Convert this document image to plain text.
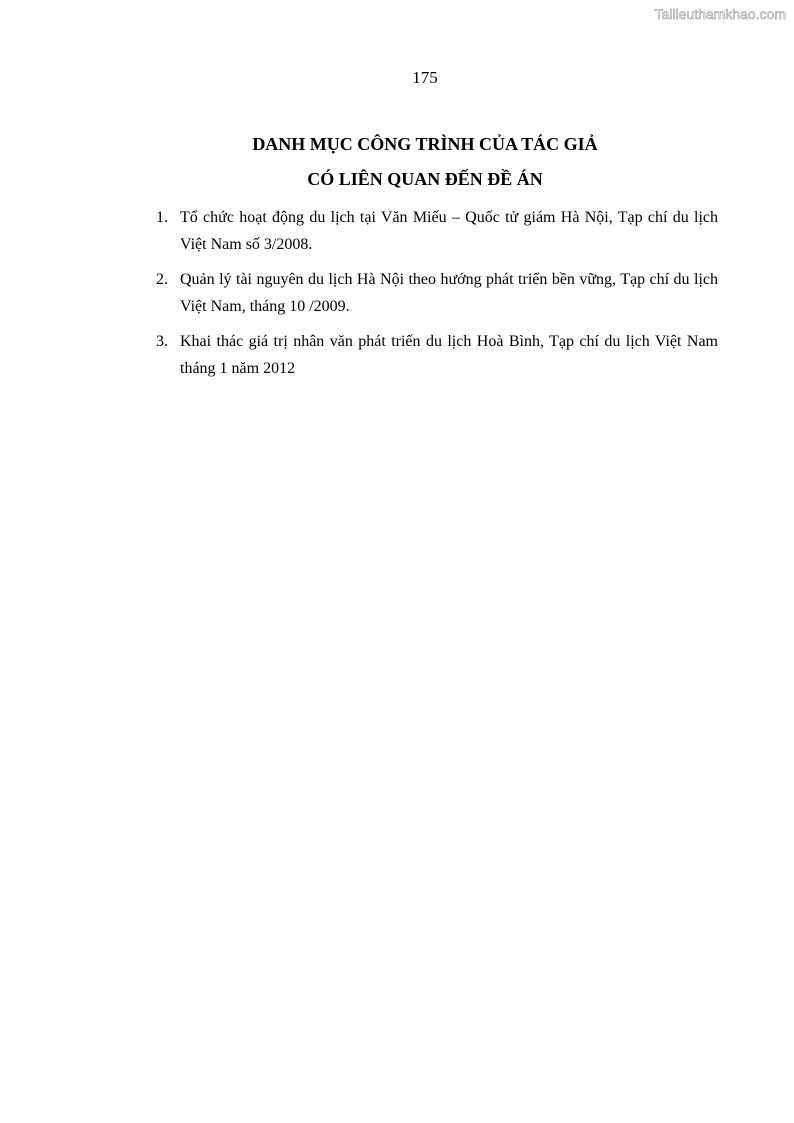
Tailieuthamkhao.com
175
DANH MỤC CÔNG TRÌNH CỦA TÁC GIẢ
CÓ LIÊN QUAN ĐẾN ĐỀ ÁN
1. Tổ chức hoạt động du lịch tại Văn Miếu – Quốc tử giám Hà Nội, Tạp chí du lịch Việt Nam số 3/2008.
2. Quản lý tài nguyên du lịch Hà Nội theo hướng phát triển bền vững, Tạp chí du lịch Việt Nam, tháng 10 /2009.
3. Khai thác giá trị nhân văn phát triển du lịch Hoà Bình, Tạp chí du lịch Việt Nam tháng 1 năm 2012
